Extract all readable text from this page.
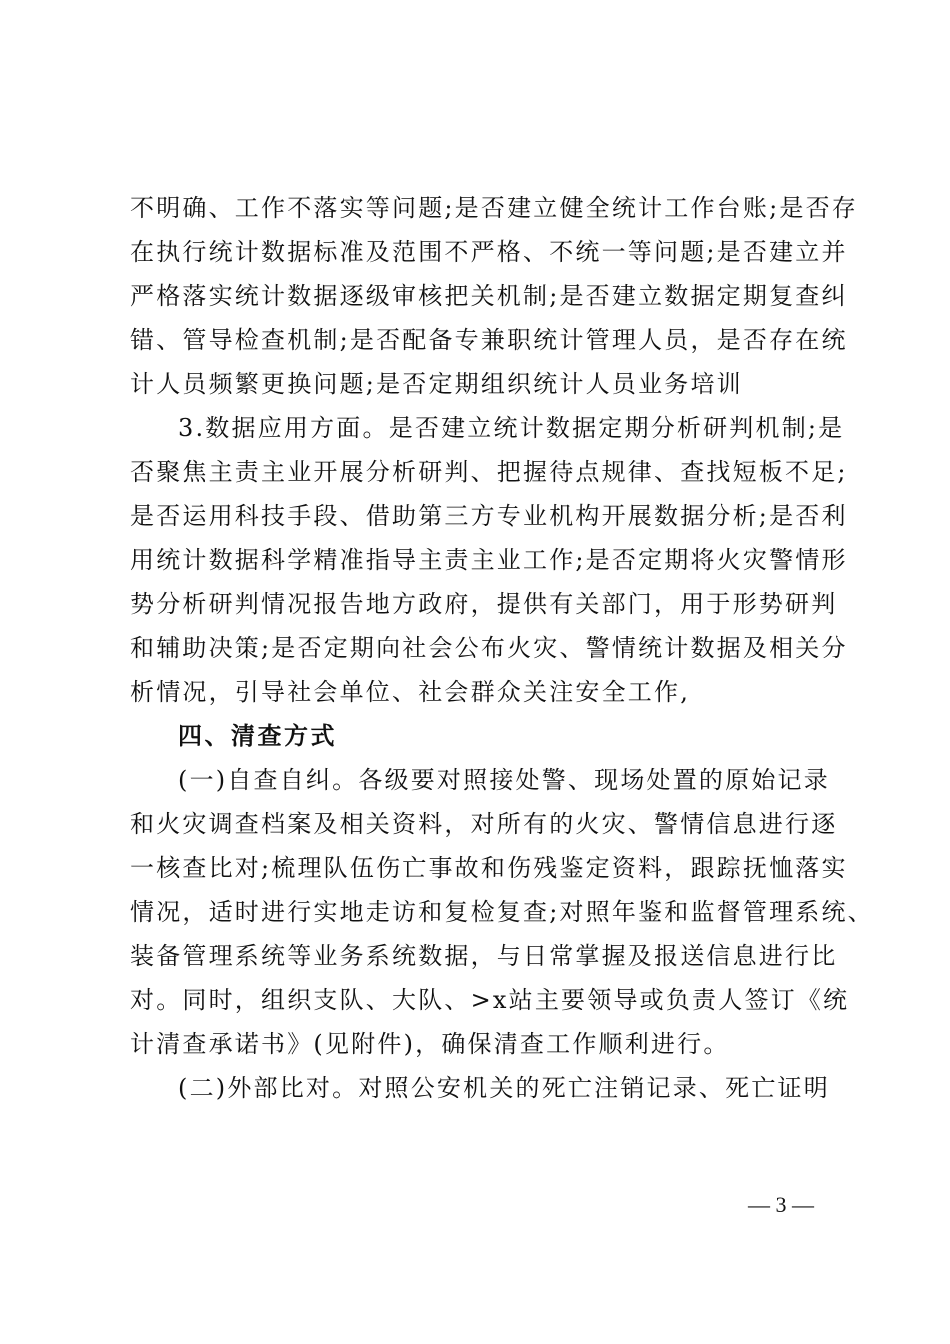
不明确、工作不落实等问题;是否建立健全统计工作台账;是否存
在执行统计数据标准及范围不严格、不统一等问题;是否建立并
严格落实统计数据逐级审核把关机制;是否建立数据定期复查纠
错、管导检查机制;是否配备专兼职统计管理人员，是否存在统
计人员频繁更换问题;是否定期组织统计人员业务培训
3.数据应用方面。是否建立统计数据定期分析研判机制;是
否聚焦主责主业开展分析研判、把握待点规律、查找短板不足;
是否运用科技手段、借助第三方专业机构开展数据分析;是否利
用统计数据科学精准指导主责主业工作;是否定期将火灾警情形
势分析研判情况报告地方政府，提供有关部门，用于形势研判
和辅助决策;是否定期向社会公布火灾、警情统计数据及相关分
析情况，引导社会单位、社会群众关注安全工作,
四、清查方式
(一)自查自纠。各级要对照接处警、现场处置的原始记录
和火灾调查档案及相关资料，对所有的火灾、警情信息进行逐
一核查比对;梳理队伍伤亡事故和伤残鉴定资料，跟踪抚恤落实
情况，适时进行实地走访和复检复查;对照年鉴和监督管理系统、
装备管理系统等业务系统数据，与日常掌握及报送信息进行比
对。同时，组织支队、大队、>x站主要领导或负责人签订《统
计清查承诺书》(见附件)，确保清查工作顺利进行。
(二)外部比对。对照公安机关的死亡注销记录、死亡证明
— 3 —
